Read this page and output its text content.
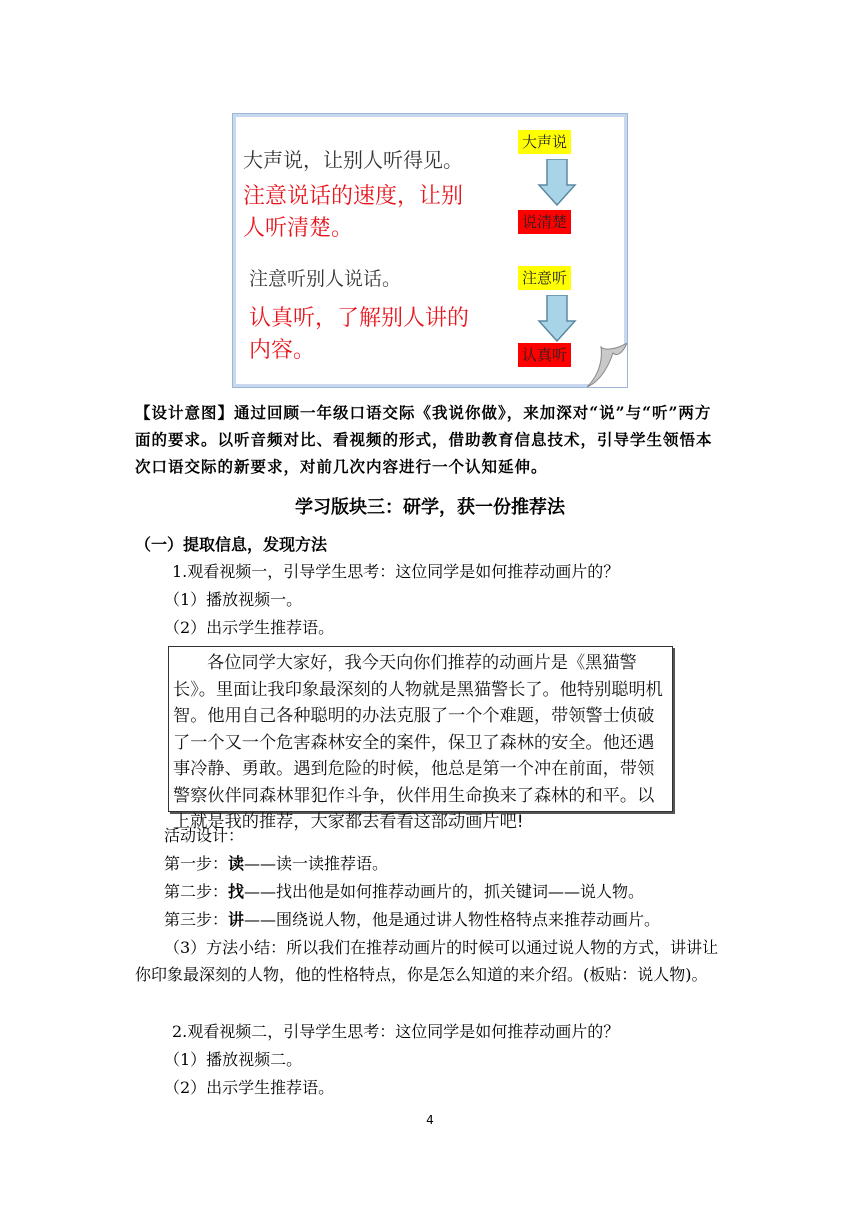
大声说，让别人听得见。
注意说话的速度，让别
人听清楚。
注意听别人说话。
认真听，了解别人讲的
内容。
大声说
说清楚
注意听
认真听
【设计意图】通过回顾一年级口语交际《我说你做》，来加深对“说”与“听”两方面的要求。以听音频对比、看视频的形式，借助教育信息技术，引导学生领悟本次口语交际的新要求，对前几次内容进行一个认知延伸。
学习版块三：研学，获一份推荐法
（一）提取信息，发现方法
1.观看视频一，引导学生思考：这位同学是如何推荐动画片的？
（1）播放视频一。
（2）出示学生推荐语。
各位同学大家好，我今天向你们推荐的动画片是《黑猫警长》。里面让我印象最深刻的人物就是黑猫警长了。他特别聪明机智。他用自己各种聪明的办法克服了一个个难题，带领警士侦破了一个又一个危害森林安全的案件，保卫了森林的安全。他还遇事冷静、勇敢。遇到危险的时候，他总是第一个冲在前面，带领警察伙伴同森林罪犯作斗争，伙伴用生命换来了森林的和平。以上就是我的推荐，大家都去看看这部动画片吧!
活动设计：
第一步：读——读一读推荐语。
第二步：找——找出他是如何推荐动画片的，抓关键词——说人物。
第三步：讲——围绕说人物，他是通过讲人物性格特点来推荐动画片。
（3）方法小结：所以我们在推荐动画片的时候可以通过说人物的方式，讲讲让你印象最深刻的人物，他的性格特点，你是怎么知道的来介绍。(板贴：说人物)。
2.观看视频二，引导学生思考：这位同学是如何推荐动画片的？
（1）播放视频二。
（2）出示学生推荐语。
4
